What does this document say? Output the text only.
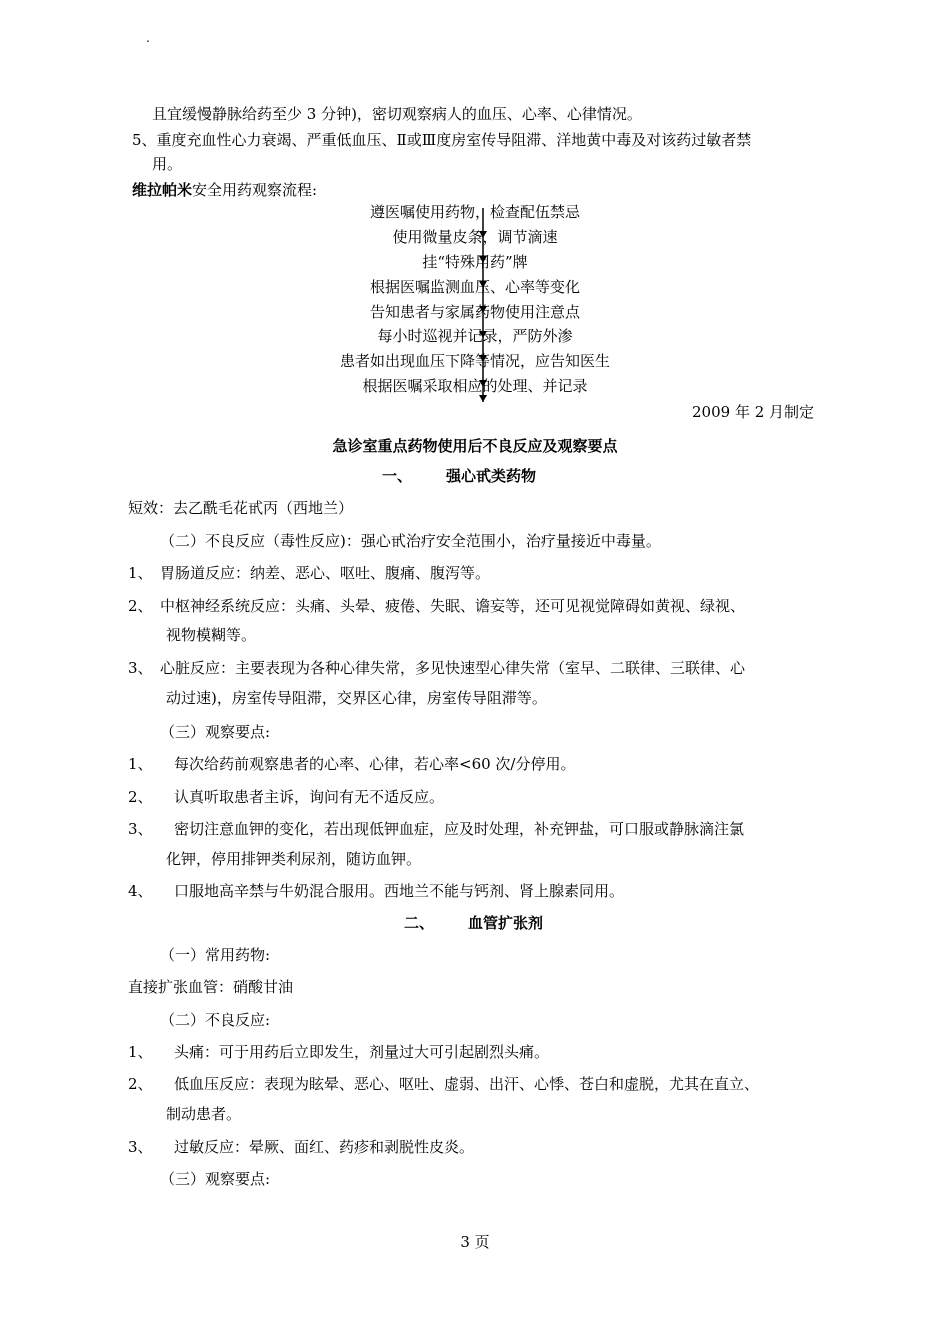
.
且宜缓慢静脉给药至少 3 分钟)，密切观察病人的血压、心率、心律情况。
5、重度充血性心力衰竭、严重低血压、Ⅱ或Ⅲ度房室传导阻滞、洋地黄中毒及对该药过敏者禁
用。
维拉帕米安全用药观察流程:
遵医嘱使用药物，检查配伍禁忌
使用微量皮条，调节滴速
挂“特殊用药”牌
根据医嘱监测血压、心率等变化
告知患者与家属药物使用注意点
每小时巡视并记录，严防外渗
患者如出现血压下降等情况，应告知医生
根据医嘱采取相应的处理、并记录
2009 年 2 月制定
急诊室重点药物使用后不良反应及观察要点
一、 强心甙类药物
短效：去乙酰毛花甙丙（西地兰）
（二）不良反应（毒性反应)：强心甙治疗安全范围小，治疗量接近中毒量。
1、 胃肠道反应：纳差、恶心、呕吐、腹痛、腹泻等。
2、 中枢神经系统反应：头痛、头晕、疲倦、失眠、谵妄等，还可见视觉障碍如黄视、绿视、
视物模糊等。
3、 心脏反应：主要表现为各种心律失常，多见快速型心律失常（室早、二联律、三联律、心
动过速)，房室传导阻滞，交界区心律，房室传导阻滞等。
（三）观察要点:
1、 每次给药前观察患者的心率、心律，若心率<60 次/分停用。
2、 认真听取患者主诉，询问有无不适反应。
3、 密切注意血钾的变化，若出现低钾血症，应及时处理，补充钾盐，可口服或静脉滴注氯
化钾，停用排钾类利尿剂，随访血钾。
4、 口服地高辛禁与牛奶混合服用。西地兰不能与钙剂、肾上腺素同用。
二、 血管扩张剂
（一）常用药物:
直接扩张血管：硝酸甘油
（二）不良反应:
1、 头痛：可于用药后立即发生，剂量过大可引起剧烈头痛。
2、 低血压反应：表现为眩晕、恶心、呕吐、虚弱、出汗、心悸、苍白和虚脱，尤其在直立、
制动患者。
3、 过敏反应：晕厥、面红、药疹和剥脱性皮炎。
（三）观察要点:
3 页
